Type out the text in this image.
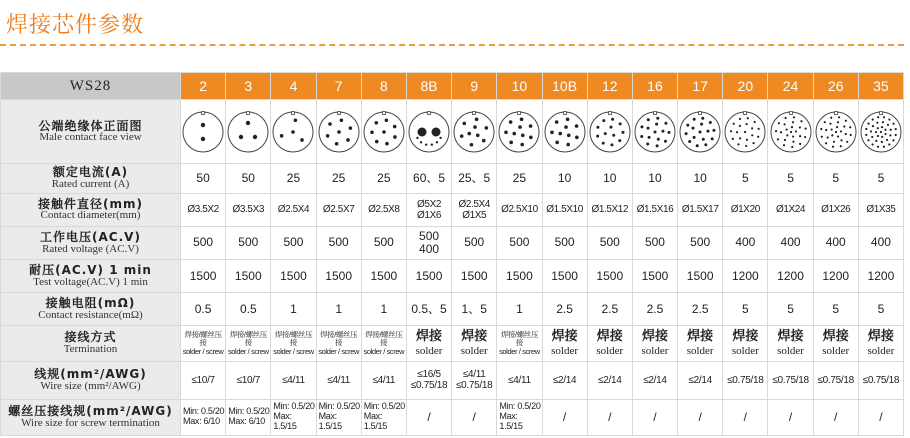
焊接芯件参数
WS28	2	3	4	7	8	8B	9	10	10B	12	16	17	20	24	26	35

公端绝缘体正面图
Male contact face view

额定电流(A)
Rated current (A)	50	50	25	25	25	60、5	25、5	25	10	10	10	10	5	5	5	5

接触件直径(mm)
Contact diameter(mm)	Ø3.5X2	Ø3.5X3	Ø2.5X4	Ø2.5X7	Ø2.5X8	Ø5X2
Ø1X6	Ø2.5X4
Ø1X5	Ø2.5X10	Ø1.5X10	Ø1.5X12	Ø1.5X16	Ø1.5X17	Ø1X20	Ø1X24	Ø1X26	Ø1X35

工作电压(AC.V)
Rated voltage (AC.V)	500	500	500	500	500	500
400	500	500	500	500	500	500	400	400	400	400

耐压(AC.V) 1 min
Test voltage(AC.V) 1 min	1500	1500	1500	1500	1500	1500	1500	1500	1500	1500	1500	1500	1200	1200	1200	1200

接触电阻(mΩ)
Contact resistance(mΩ)	0.5	0.5	1	1	1	0.5、5	1、5	1	2.5	2.5	2.5	2.5	5	5	5	5

接线方式
Termination	焊接/螺丝压接
solder / screw	焊接/螺丝压接
solder / screw	焊接/螺丝压接
solder / screw	焊接/螺丝压接
solder / screw	焊接/螺丝压接
solder / screw	焊接
solder	焊接
solder	焊接/螺丝压接
solder / screw	焊接
solder	焊接
solder	焊接
solder	焊接
solder	焊接
solder	焊接
solder	焊接
solder	焊接
solder

线规(mm²/AWG)
Wire size (mm²/AWG)	≤10/7	≤10/7	≤4/11	≤4/11	≤4/11	≤16/5
≤0.75/18	≤4/11
≤0.75/18	≤4/11	≤2/14	≤2/14	≤2/14	≤2/14	≤0.75/18	≤0.75/18	≤0.75/18	≤0.75/18

螺丝压接线规(mm²/AWG)
Wire size for screw termination	Min: 0.5/20
Max: 6/10	Min: 0.5/20
Max: 6/10	Min: 0.5/20
Max: 1.5/15	Min: 0.5/20
Max: 1.5/15	Min: 0.5/20
Max: 1.5/15	/	/	Min: 0.5/20
Max: 1.5/15	/	/	/	/	/	/	/	/
